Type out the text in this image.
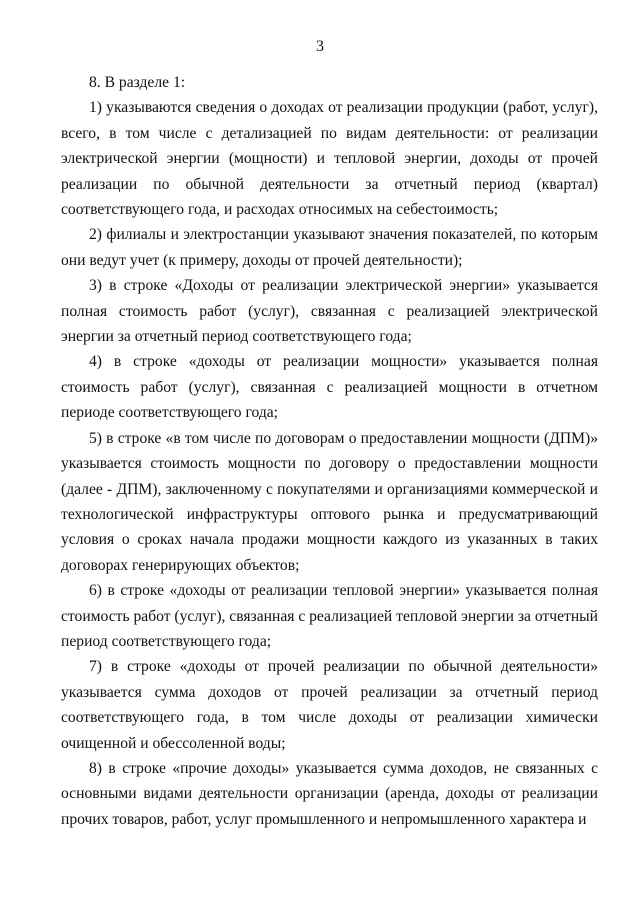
3

8. В разделе 1:

1) указываются сведения о доходах от реализации продукции (работ, услуг), всего, в том числе с детализацией по видам деятельности: от реализации электрической энергии (мощности) и тепловой энергии, доходы от прочей реализации по обычной деятельности за отчетный период (квартал) соответствующего года, и расходах относимых на себестоимость;

2) филиалы и электростанции указывают значения показателей, по которым они ведут учет (к примеру, доходы от прочей деятельности);

3) в строке «Доходы от реализации электрической энергии» указывается полная стоимость работ (услуг), связанная с реализацией электрической энергии за отчетный период соответствующего года;

4) в строке «доходы от реализации мощности» указывается полная стоимость работ (услуг), связанная с реализацией мощности в отчетном периоде соответствующего года;

5) в строке «в том числе по договорам о предоставлении мощности (ДПМ)» указывается стоимость мощности по договору о предоставлении мощности (далее - ДПМ), заключенному с покупателями и организациями коммерческой и технологической инфраструктуры оптового рынка и предусматривающий условия о сроках начала продажи мощности каждого из указанных в таких договорах генерирующих объектов;

6) в строке «доходы от реализации тепловой энергии» указывается полная стоимость работ (услуг), связанная с реализацией тепловой энергии за отчетный период соответствующего года;

7) в строке «доходы от прочей реализации по обычной деятельности» указывается сумма доходов от прочей реализации за отчетный период соответствующего года, в том числе доходы от реализации химически очищенной и обессоленной воды;

8) в строке «прочие доходы» указывается сумма доходов, не связанных с основными видами деятельности организации (аренда, доходы от реализации прочих товаров, работ, услуг промышленного и непромышленного характера и
